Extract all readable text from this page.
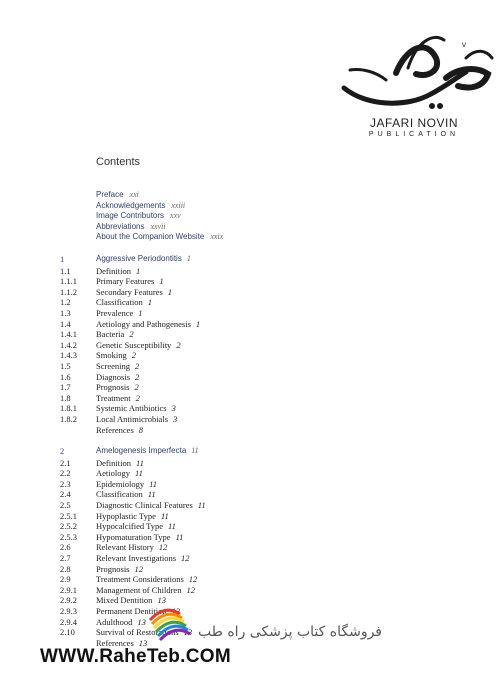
v
JAFARI NOVIN
PUBLICATION
Contents
Preface xxi
Acknowledgements xxiii
Image Contributors xxv
Abbreviations xxvii
About the Companion Website xxix
1	Aggressive Periodontitis 1
1.1	Definition 1
1.1.1 Primary Features 1
1.1.2 Secondary Features 1
1.2	Classification 1
1.3	Prevalence 1
1.4	Aetiology and Pathogenesis 1
1.4.1 Bacteria 2
1.4.2 Genetic Susceptibility 2
1.4.3 Smoking 2
1.5	Screening 2
1.6	Diagnosis 2
1.7	Prognosis 2
1.8	Treatment 2
1.8.1 Systemic Antibiotics 3
1.8.2 Local Antimicrobials 3
References 8
2	Amelogenesis Imperfecta 11
2.1	Definition 11
2.2	Aetiology 11
2.3	Epidemiology 11
2.4	Classification 11
2.5	Diagnostic Clinical Features 11
2.5.1 Hypoplastic Type 11
2.5.2 Hypocalcified Type 11
2.5.3 Hypomaturation Type 11
2.6	Relevant History 12
2.7	Relevant Investigations 12
2.8	Prognosis 12
2.9	Treatment Considerations 12
2.9.1 Management of Children 12
2.9.2 Mixed Dentition 13
2.9.3 Permanent Dentition 13
2.9.4 Adulthood 13
2.10 Survival of Restorations 13
References 13
فروشگاه کتاب پزشکی راه طب
WWW.RaheTeb.COM
